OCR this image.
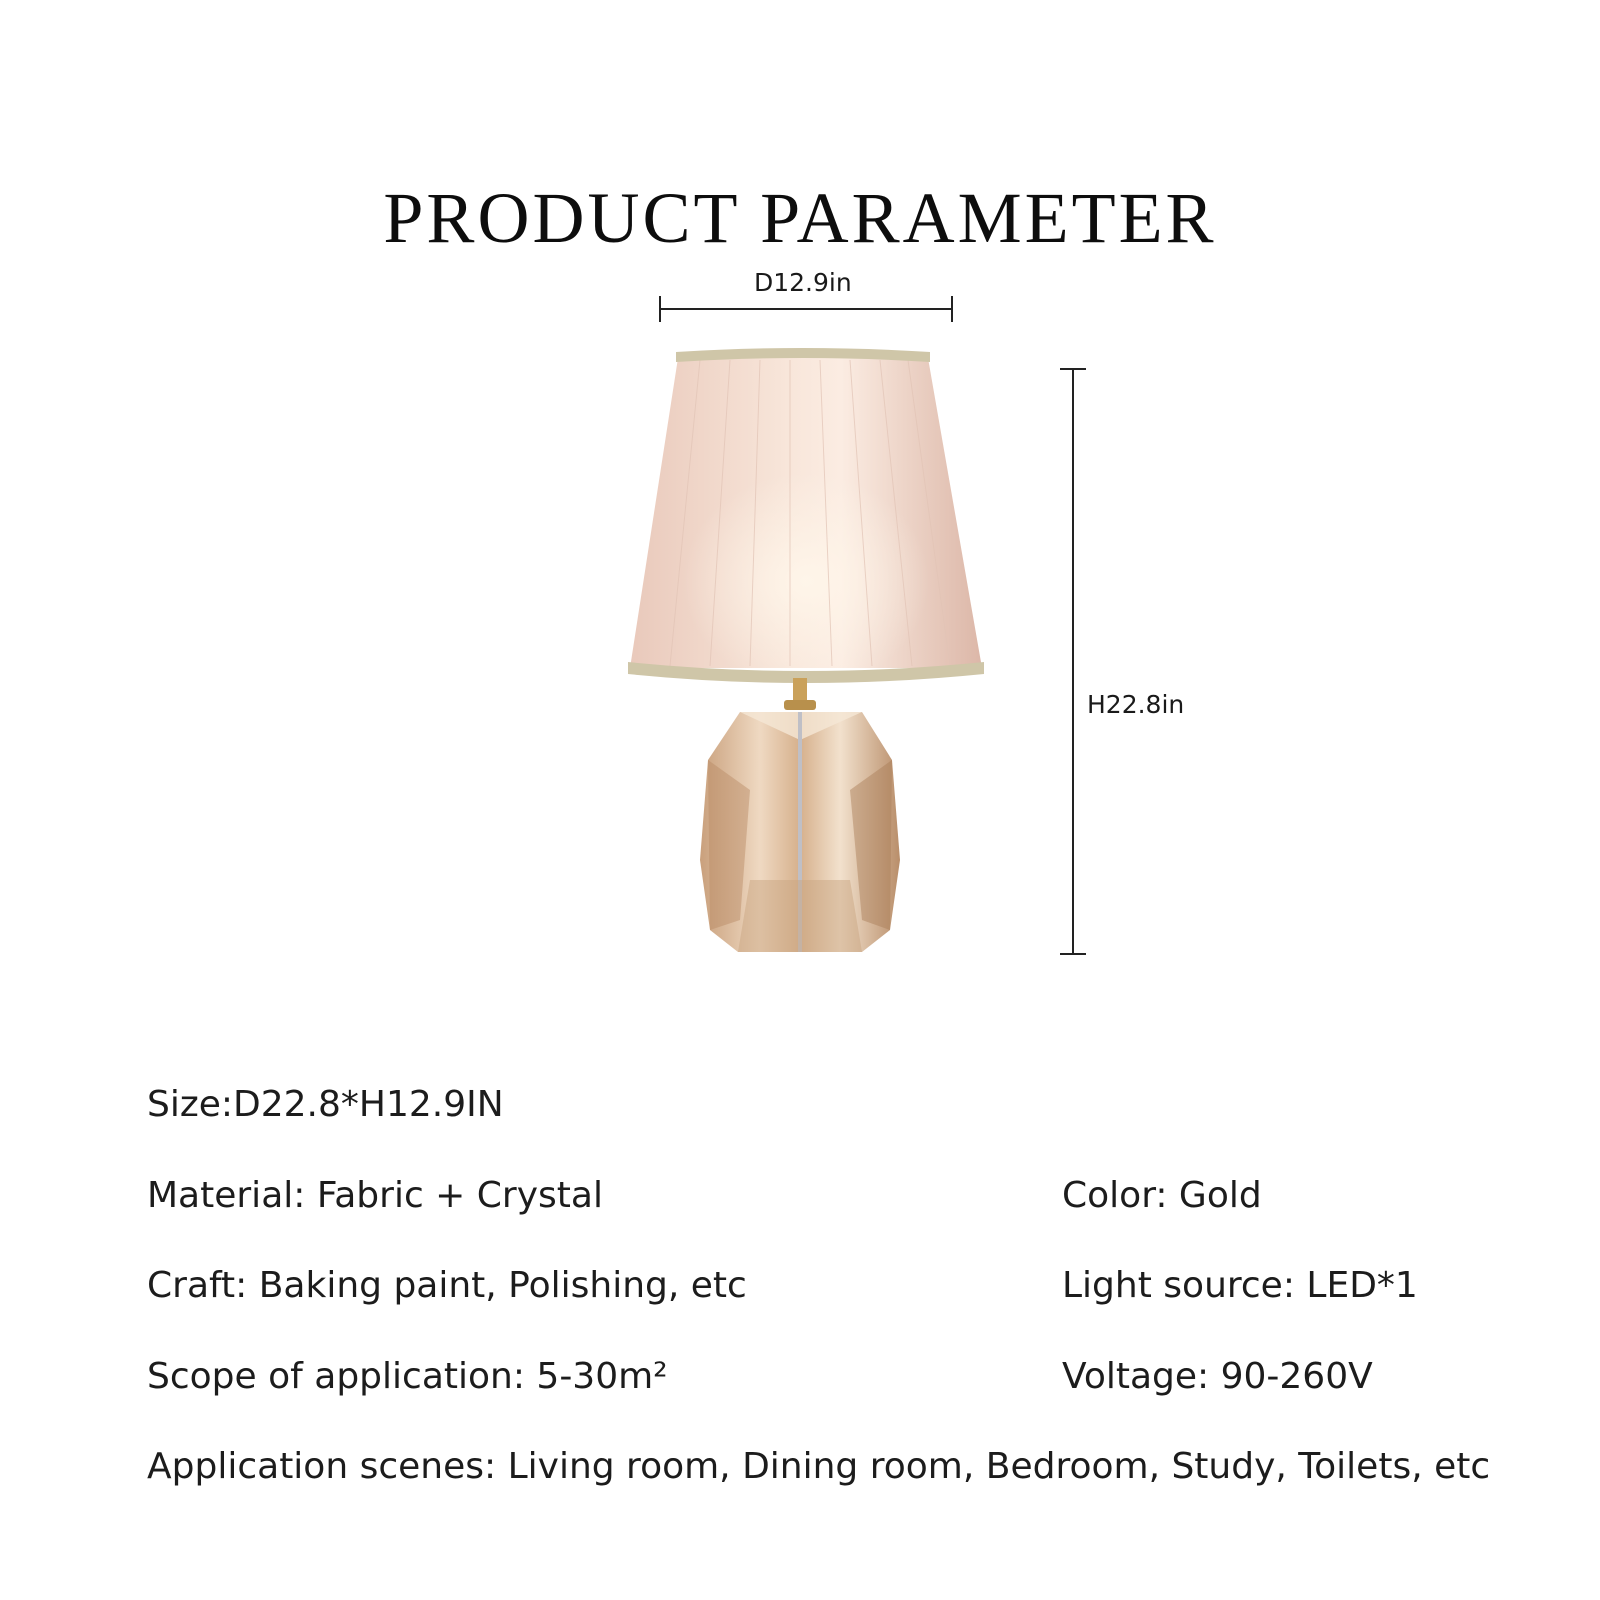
PRODUCT PARAMETER
D12.9in
H22.8in
Size:D22.8*H12.9IN
Material: Fabric + Crystal	Color: Gold
Craft: Baking paint, Polishing, etc	Light source: LED*1
Scope of application: 5-30m²	Voltage: 90-260V
Application scenes: Living room, Dining room, Bedroom, Study, Toilets, etc
